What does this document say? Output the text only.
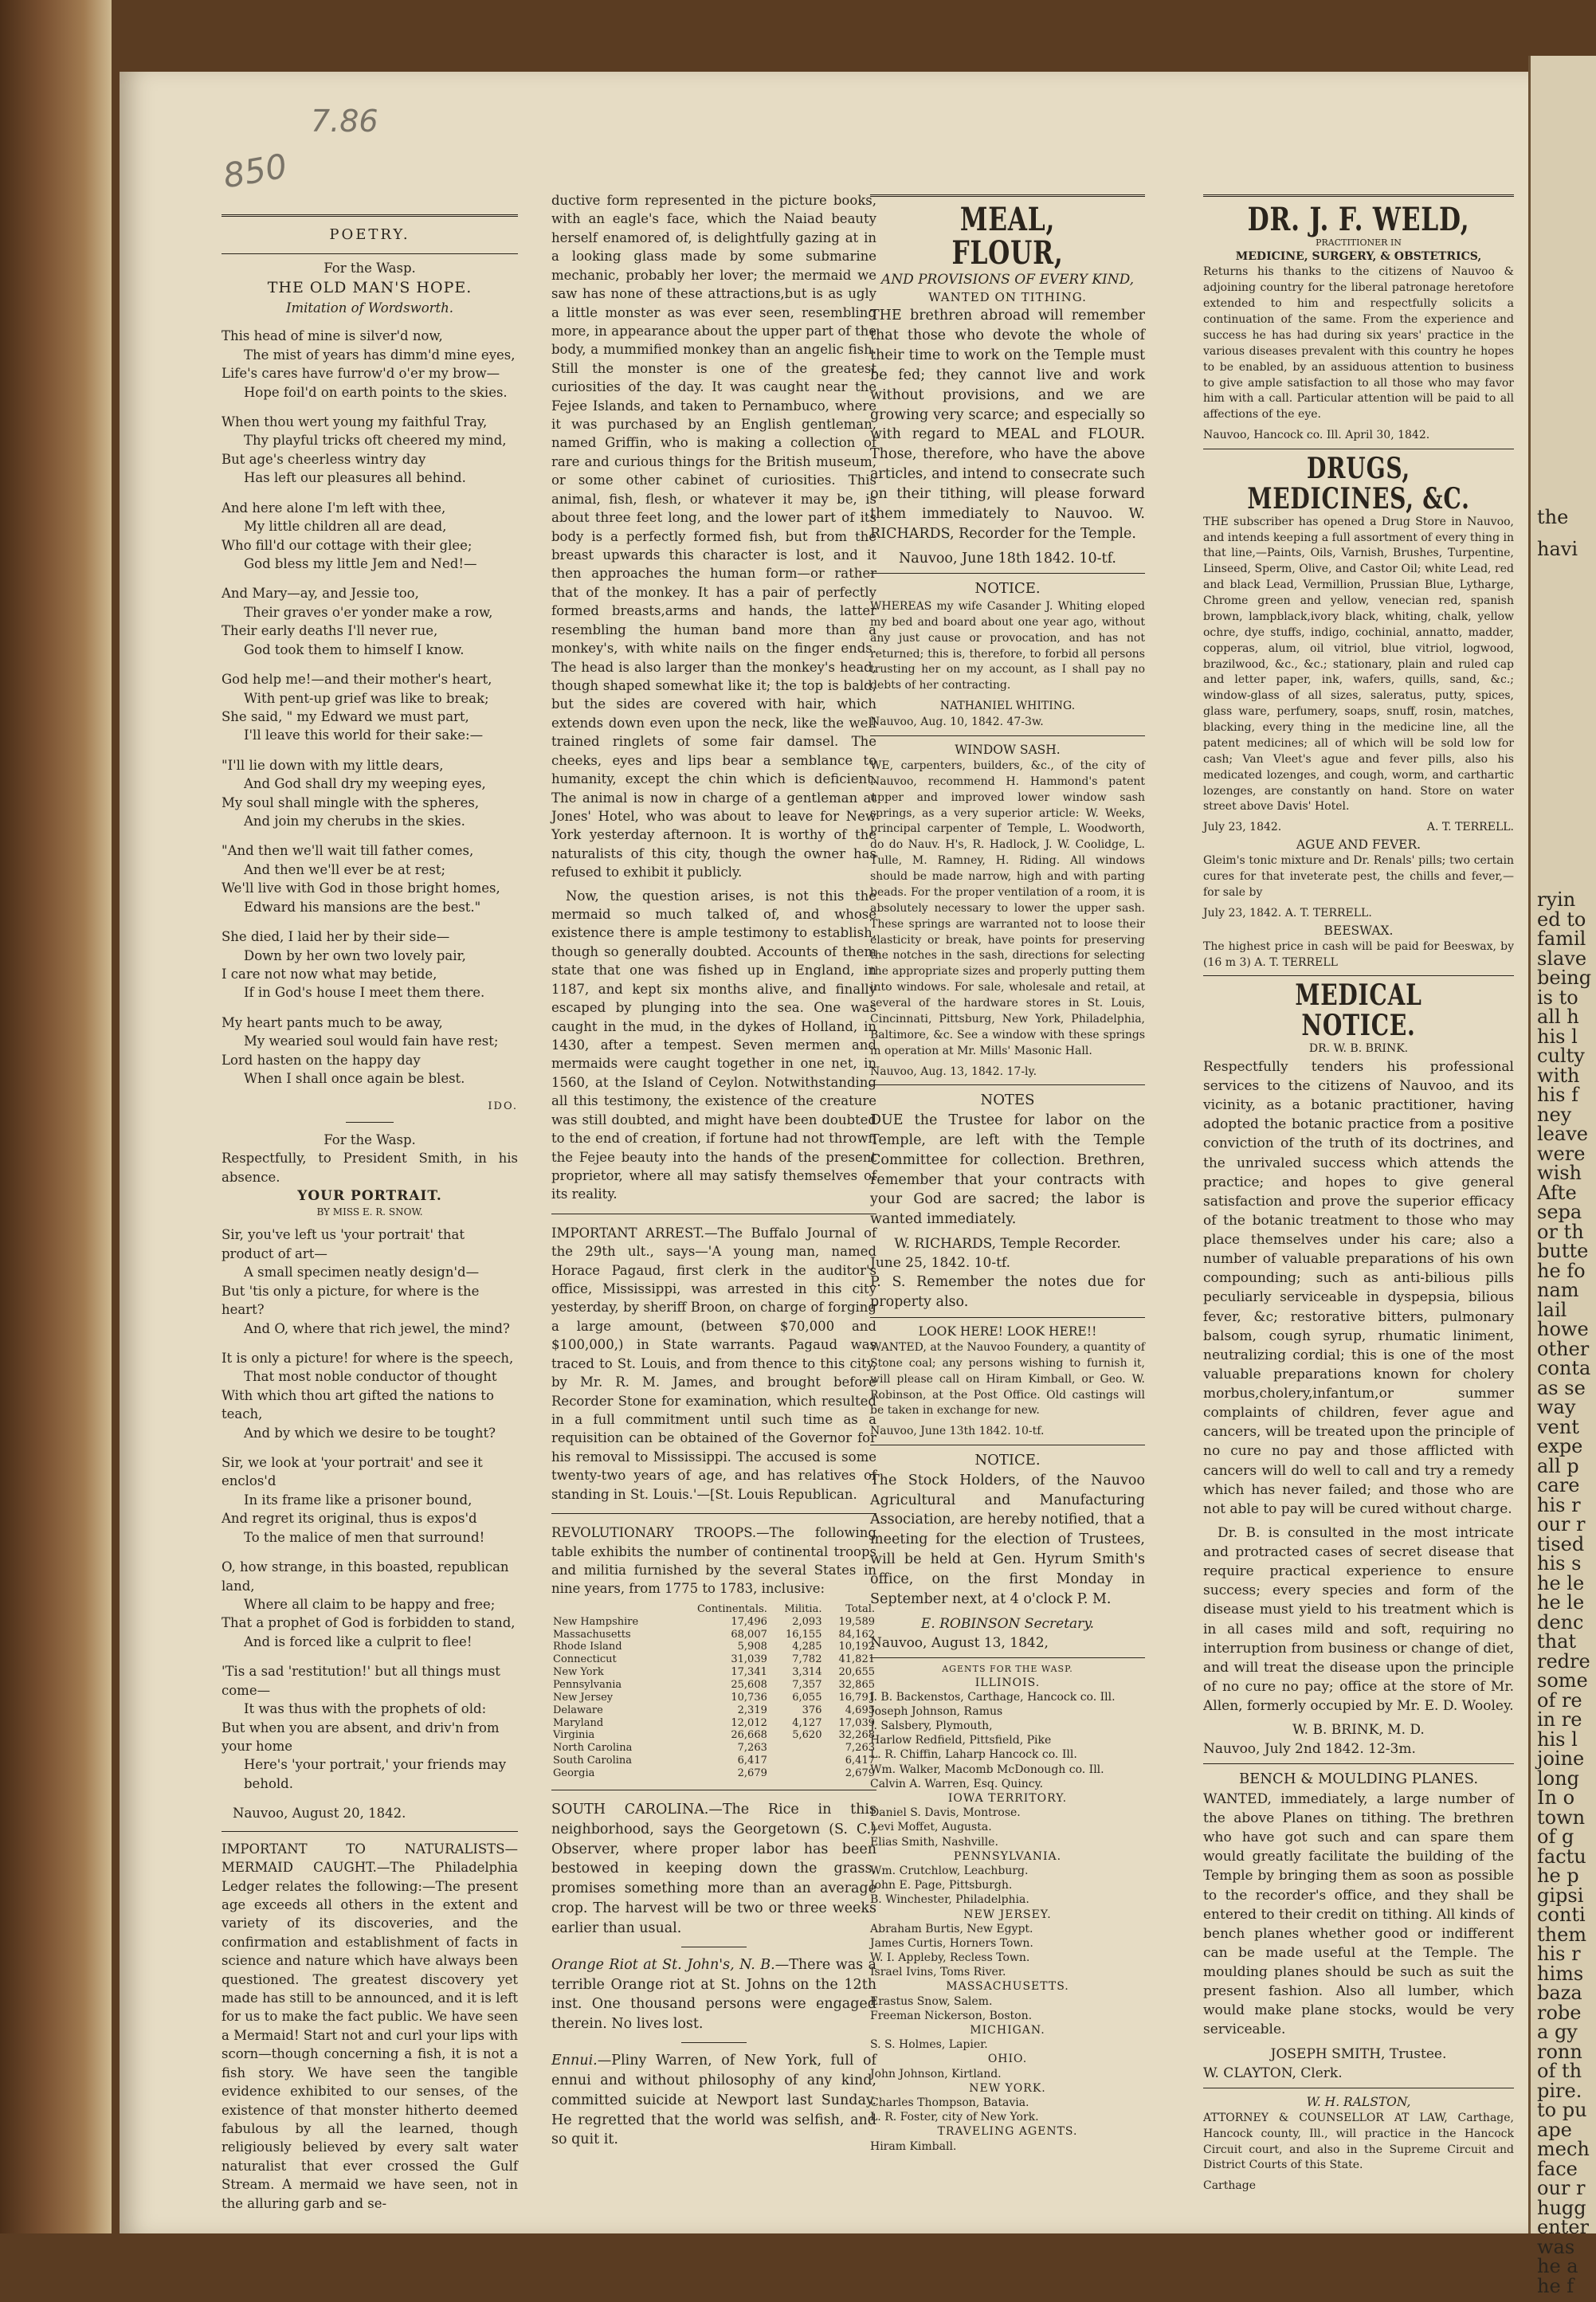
7.86
850
POETRY.
For the Wasp.
THE OLD MAN'S HOPE.
Imitation of Wordsworth.

This head of mine is silver'd now,

The mist of years has dimm'd mine eyes,

Life's cares have furrow'd o'er my brow—

Hope foil'd on earth points to the skies.

When thou wert young my faithful Tray,

Thy playful tricks oft cheered my mind,

But age's cheerless wintry day

Has left our pleasures all behind.

And here alone I'm left with thee,

My little children all are dead,

Who fill'd our cottage with their glee;

God bless my little Jem and Ned!—

And Mary—ay, and Jessie too,

Their graves o'er yonder make a row,

Their early deaths I'll never rue,

God took them to himself I know.

God help me!—and their mother's heart,

With pent-up grief was like to break;

She said, " my Edward we must part,

I'll leave this world for their sake:—

"I'll lie down with my little dears,

And God shall dry my weeping eyes,

My soul shall mingle with the spheres,

And join my cherubs in the skies.

"And then we'll wait till father comes,

And then we'll ever be at rest;

We'll live with God in those bright homes,

Edward his mansions are the best."

She died, I laid her by their side—

Down by her own two lovely pair,

I care not now what may betide,

If in God's house I meet them there.

My heart pants much to be away,

My wearied soul would fain have rest;

Lord hasten on the happy day

When I shall once again be blest.

IDO.
For the Wasp.
Respectfully, to President Smith, in his absence.
YOUR PORTRAIT.
BY MISS E. R. SNOW.

Sir, you've left us 'your portrait' that product of art—

A small specimen neatly design'd—

But 'tis only a picture, for where is the heart?

And O, where that rich jewel, the mind?

It is only a picture! for where is the speech,

That most noble conductor of thought

With which thou art gifted the nations to teach,

And by which we desire to be tought?

Sir, we look at 'your portrait' and see it enclos'd

In its frame like a prisoner bound,

And regret its original, thus is expos'd

To the malice of men that surround!

O, how strange, in this boasted, republican land,

Where all claim to be happy and free;

That a prophet of God is forbidden to stand,

And is forced like a culprit to flee!

'Tis a sad 'restitution!' but all things must come—

It was thus with the prophets of old:

But when you are absent, and driv'n from your home

Here's 'your portrait,' your friends may behold.

Nauvoo, August 20, 1842.

IMPORTANT TO NATURALISTS—MERMAID CAUGHT.—The Philadelphia Ledger relates the following:—The present age exceeds all others in the extent and variety of its discoveries, and the confirmation and establishment of facts in science and nature which have always been questioned. The greatest discovery yet made has still to be announced, and it is left for us to make the fact public. We have seen a Mermaid! Start not and curl your lips with scorn—though concerning a fish, it is not a fish story. We have seen the tangible evidence exhibited to our senses, of the existence of that monster hitherto deemed fabulous by all the learned, though religiously believed by every salt water naturalist that ever crossed the Gulf Stream. A mermaid we have seen, not in the alluring garb and se-

ductive form represented in the picture books, with an eagle's face, which the Naiad beauty herself enamored of, is delightfully gazing at in a looking glass made by some submarine mechanic, probably her lover; the mermaid we saw has none of these attractions,but is as ugly a little monster as was ever seen, resembling more, in appearance about the upper part of the body, a mummified monkey than an angelic fish. Still the monster is one of the greatest curiosities of the day. It was caught near the Fejee Islands, and taken to Pernambuco, where it was purchased by an English gentleman, named Griffin, who is making a collection of rare and curious things for the British museum, or some other cabinet of curiosities. This animal, fish, flesh, or whatever it may be, is about three feet long, and the lower part of its body is a perfectly formed fish, but from the breast upwards this character is lost, and it then approaches the human form—or rather that of the monkey. It has a pair of perfectly formed breasts,arms and hands, the latter resembling the human band more than a monkey's, with white nails on the finger ends. The head is also larger than the monkey's head, though shaped somewhat like it; the top is bald, but the sides are covered with hair, which extends down even upon the neck, like the well trained ringlets of some fair damsel. The cheeks, eyes and lips bear a semblance to humanity, except the chin which is deficient. The animal is now in charge of a gentleman at Jones' Hotel, who was about to leave for New York yesterday afternoon. It is worthy of the naturalists of this city, though the owner has refused to exhibit it publicly.

Now, the question arises, is not this the mermaid so much talked of, and whose existence there is ample testimony to establish, though so generally doubted. Accounts of them state that one was fished up in England, in 1187, and kept six months alive, and finally escaped by plunging into the sea. One was caught in the mud, in the dykes of Holland, in 1430, after a tempest. Seven mermen and mermaids were caught together in one net, in 1560, at the Island of Ceylon. Notwithstanding all this testimony, the existence of the creature was still doubted, and might have been doubted to the end of creation, if fortune had not thrown the Fejee beauty into the hands of the present proprietor, where all may satisfy themselves of its reality.

IMPORTANT ARREST.—The Buffalo Journal of the 29th ult., says—'A young man, named Horace Pagaud, first clerk in the auditor's office, Mississippi, was arrested in this city yesterday, by sheriff Broon, on charge of forging a large amount, (between $70,000 and $100,000,) in State warrants. Pagaud was traced to St. Louis, and from thence to this city, by Mr. R. M. James, and brought before Recorder Stone for examination, which resulted in a full commitment until such time as a requisition can be obtained of the Governor for his removal to Mississippi. The accused is some twenty-two years of age, and has relatives of standing in St. Louis.'—[St. Louis Republican.

REVOLUTIONARY TROOPS.—The following table exhibits the number of continental troops and militia furnished by the several States in nine years, from 1775 to 1783, inclusive:

	Continentals.	Militia.	Total.
New Hampshire	17,496	2,093	19,589
Massachusetts	68,007	16,155	84,162
Rhode Island	5,908	4,285	10,192
Connecticut	31,039	7,782	41,821
New York	17,341	3,314	20,655
Pennsylvania	25,608	7,357	32,865
New Jersey	10,736	6,055	16,791
Delaware	2,319	376	4,695
Maryland	12,012	4,127	17,039
Virginia	26,668	5,620	32,268
North Carolina	7,263		7,263
South Carolina	6,417		6,417
Georgia	2,679		2,679

SOUTH CAROLINA.—The Rice in this neighborhood, says the Georgetown (S. C.) Observer, where proper labor has been bestowed in keeping down the grass, promises something more than an average crop. The harvest will be two or three weeks earlier than usual.

Orange Riot at St. John's, N. B.—There was a terrible Orange riot at St. Johns on the 12th inst. One thousand persons were engaged therein. No lives lost.

Ennui.—Pliny Warren, of New York, full of ennui and without philosophy of any kind, committed suicide at Newport last Sunday. He regretted that the world was selfish, and so quit it.

MEAL, FLOUR,
AND PROVISIONS OF EVERY KIND,
WANTED ON TITHING.

THE brethren abroad will remember that those who devote the whole of their time to work on the Temple must be fed; they cannot live and work without provisions, and we are growing very scarce; and especially so with regard to MEAL and FLOUR. Those, therefore, who have the above articles, and intend to consecrate such on their tithing, will please forward them immediately to Nauvoo. W. RICHARDS, Recorder for the Temple.

Nauvoo, June 18th 1842. 10-tf.

NOTICE.

WHEREAS my wife Casander J. Whiting eloped my bed and board about one year ago, without any just cause or provocation, and has not returned; this is, therefore, to forbid all persons trusting her on my account, as I shall pay no debts of her contracting.

NATHANIEL WHITING.
Nauvoo, Aug. 10, 1842. 47-3w.
WINDOW SASH.

WE, carpenters, builders, &c., of the city of Nauvoo, recommend H. Hammond's patent upper and improved lower window sash springs, as a very superior article: W. Weeks, principal carpenter of Temple, L. Woodworth, do do Nauv. H's, R. Hadlock, J. W. Coolidge, L. Tulle, M. Ramney, H. Riding. All windows should be made narrow, high and with parting beads. For the proper ventilation of a room, it is absolutely necessary to lower the upper sash. These springs are warranted not to loose their elasticity or break, have points for preserving the notches in the sash, directions for selecting the appropriate sizes and properly putting them into windows. For sale, wholesale and retail, at several of the hardware stores in St. Louis, Cincinnati, Pittsburg, New York, Philadelphia, Baltimore, &c. See a window with these springs in operation at Mr. Mills' Masonic Hall.

Nauvoo, Aug. 13, 1842. 17-ly.
NOTES

DUE the Trustee for labor on the Temple, are left with the Temple Committee for collection. Brethren, remember that your contracts with your God are sacred; the labor is wanted immediately.

W. RICHARDS, Temple Recorder.
June 25, 1842. 10-tf.

P. S. Remember the notes due for property also.

LOOK HERE! LOOK HERE!!

WANTED, at the Nauvoo Foundery, a quantity of Stone coal; any persons wishing to furnish it, will please call on Hiram Kimball, or Geo. W. Robinson, at the Post Office. Old castings will be taken in exchange for new.

Nauvoo, June 13th 1842. 10-tf.
NOTICE.

The Stock Holders, of the Nauvoo Agricultural and Manufacturing Association, are hereby notified, that a meeting for the election of Trustees, will be held at Gen. Hyrum Smith's office, on the first Monday in September next, at 4 o'clock P. M.

E. ROBINSON Secretary.
Nauvoo, August 13, 1842,
AGENTS FOR THE WASP.

ILLINOIS.

J. B. Backenstos, Carthage, Hancock co. Ill.

Joseph Johnson, Ramus

J. Salsbery, Plymouth,

Harlow Redfield, Pittsfield, Pike

L. R. Chiffin, Laharp Hancock co. Ill.

Wm. Walker, Macomb McDonough co. Ill.

Calvin A. Warren, Esq. Quincy.

IOWA TERRITORY.

Daniel S. Davis, Montrose.

Levi Moffet, Augusta.

Elias Smith, Nashville.

PENNSYLVANIA.

Wm. Crutchlow, Leachburg.

John E. Page, Pittsburgh.

B. Winchester, Philadelphia.

NEW JERSEY.

Abraham Burtis, New Egypt.

James Curtis, Horners Town.

W. I. Appleby, Recless Town.

Israel Ivins, Toms River.

MASSACHUSETTS.

Erastus Snow, Salem.

Freeman Nickerson, Boston.

MICHIGAN.

S. S. Holmes, Lapier.

OHIO.

John Johnson, Kirtland.

NEW YORK.

Charles Thompson, Batavia.

L. R. Foster, city of New York.

TRAVELING AGENTS.

Hiram Kimball.

DR. J. F. WELD,
PRACTITIONER IN
MEDICINE, SURGERY, & OBSTETRICS,

Returns his thanks to the citizens of Nauvoo & adjoining country for the liberal patronage heretofore extended to him and respectfully solicits a continuation of the same. From the experience and success he has had during six years' practice in the various diseases prevalent with this country he hopes to be enabled, by an assiduous attention to business to give ample satisfaction to all those who may favor him with a call. Particular attention will be paid to all affections of the eye.

Nauvoo, Hancock co. Ill. April 30, 1842.
DRUGS, MEDICINES, &C.

THE subscriber has opened a Drug Store in Nauvoo, and intends keeping a full assortment of every thing in that line,—Paints, Oils, Varnish, Brushes, Turpentine, Linseed, Sperm, Olive, and Castor Oil; white Lead, red and black Lead, Vermillion, Prussian Blue, Lytharge, Chrome green and yellow, venecian red, spanish brown, lampblack,ivory black, whiting, chalk, yellow ochre, dye stuffs, indigo, cochinial, annatto, madder, copperas, alum, oil vitriol, blue vitriol, logwood, brazilwood, &c., &c.; stationary, plain and ruled cap and letter paper, ink, wafers, quills, sand, &c.; window-glass of all sizes, saleratus, putty, spices, glass ware, perfumery, soaps, snuff, rosin, matches, blacking, every thing in the medicine line, all the patent medicines; all of which will be sold low for cash; Van Vleet's ague and fever pills, also his medicated lozenges, and cough, worm, and carthartic lozenges, are constantly on hand. Store on water street above Davis' Hotel.

July 23, 1842.	A. T. TERRELL.
AGUE AND FEVER.

Gleim's tonic mixture and Dr. Renals' pills; two certain cures for that inveterate pest, the chills and fever,—for sale by

July 23, 1842. A. T. TERRELL.
BEESWAX.

The highest price in cash will be paid for Beeswax, by (16 m 3) A. T. TERRELL

MEDICAL NOTICE.
DR. W. B. BRINK.

Respectfully tenders his professional services to the citizens of Nauvoo, and its vicinity, as a botanic practitioner, having adopted the botanic practice from a positive conviction of the truth of its doctrines, and the unrivaled success which attends the practice; and hopes to give general satisfaction and prove the superior efficacy of the botanic treatment to those who may place themselves under his care; also a number of valuable preparations of his own compounding; such as anti-bilious pills peculiarly serviceable in dyspepsia, bilious fever, &c; restorative bitters, pulmonary balsom, cough syrup, rhumatic liniment, neutralizing cordial; this is one of the most valuable preparations known for cholery morbus,cholery,infantum,or summer complaints of children, fever ague and cancers, will be treated upon the principle of no cure no pay and those afflicted with cancers will do well to call and try a remedy which has never failed; and those who are not able to pay will be cured without charge.

Dr. B. is consulted in the most intricate and protracted cases of secret disease that require practical experience to ensure success; every species and form of the disease must yield to his treatment which is in all cases mild and soft, requiring no interruption from business or change of diet, and will treat the disease upon the principle of no cure no pay; office at the store of Mr. Allen, formerly occupied by Mr. E. D. Wooley.

W. B. BRINK, M. D.
Nauvoo, July 2nd 1842. 12-3m.
BENCH & MOULDING PLANES.

WANTED, immediately, a large number of the above Planes on tithing. The brethren who have got such and can spare them would greatly facilitate the building of the Temple by bringing them as soon as possible to the recorder's office, and they shall be entered to their credit on tithing. All kinds of bench planes whether good or indifferent can be made useful at the Temple. The moulding planes should be such as suit the present fashion. Also all lumber, which would make plane stocks, would be very serviceable.

JOSEPH SMITH, Trustee.
W. CLAYTON, Clerk.
W. H. RALSTON,

ATTORNEY & COUNSELLOR AT LAW, Carthage, Hancock county, Ill., will practice in the Hancock Circuit court, and also in the Supreme Circuit and District Courts of this State.

Carthage
the
havi
ryin
ed to
famil
slave
being
is to
all h
his l
culty
with
his f
ney
leave
were
wish
Afte
sepa
or th
butte
he fo
nam
lail
howe
other
conta
as se
way
vent
expe
all p
care
his r
our r
tised
his s
he le
he le
denc
that
redre
some
of re
in re
his l
joine
long
In o
town
of g
factu
he p
gipsi
conti
them
his r
hims
baza
robe
a gy
ronn
of th
pire.
to pu
ape
mech
face
our r
hugg
enter
was
he a
he f
